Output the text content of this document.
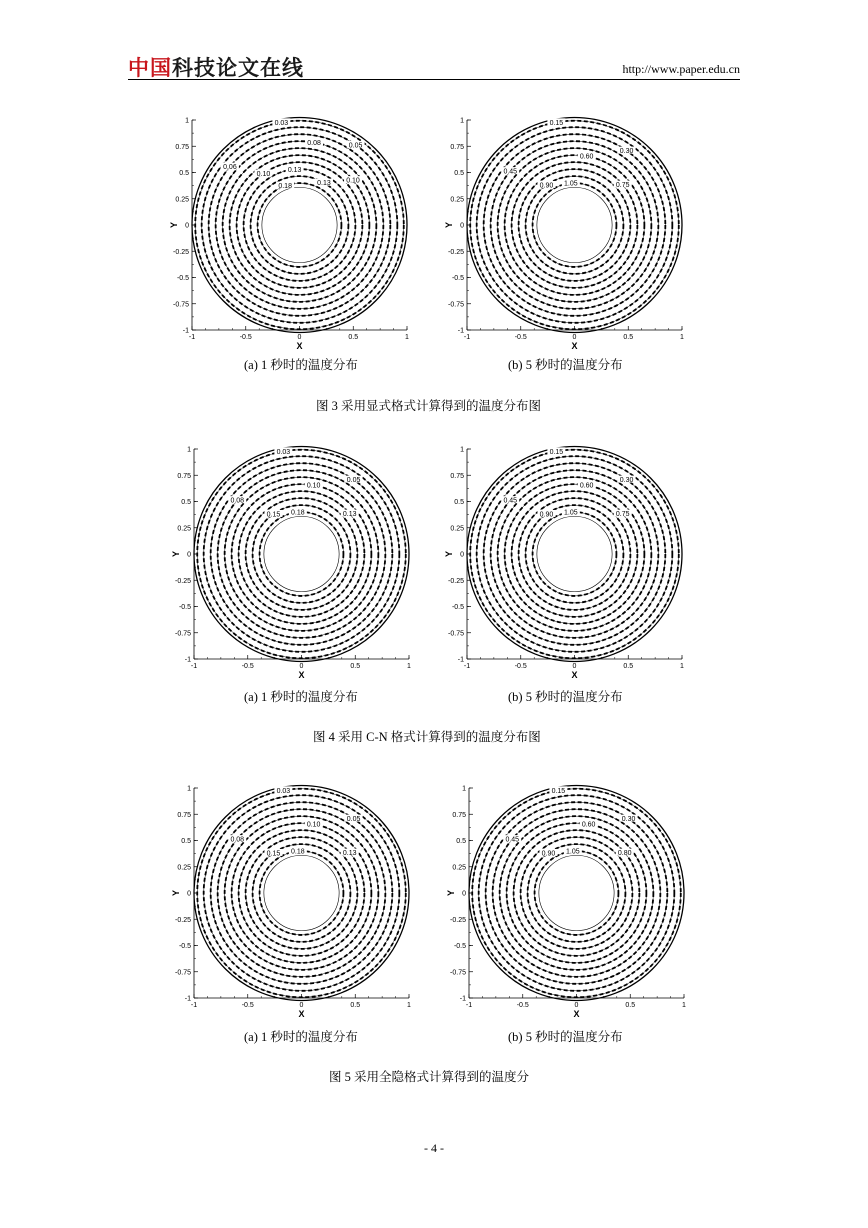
中国科技论文在线	http://www.paper.edu.cn
-1	-0.5	0	0.5	1
1
0.75
0.5
0.25
0
-0.25
-0.5
-0.75
-1
X
Y
0.03
0.05
0.06
0.08
0.10
0.10
0.13
0.13
0.18
-1	-0.5	0	0.5	1
1
0.75
0.5
0.25
0
-0.25
-0.5
-0.75
-1
X
Y
0.15
0.30
0.45
0.60
0.75
0.90 1.05
(a) 1 秒时的温度分布	(b) 5 秒时的温度分布
图 3 采用显式格式计算得到的温度分布图
-1	-0.5	0	0.5	1
1
0.75
0.5
0.25
0
-0.25
-0.5
-0.75
-1
X
Y
0.03
0.05
0.08
0.10
0.13
0.15 0.18
-1	-0.5	0	0.5	1
1
0.75
0.5
0.25
0
-0.25
-0.5
-0.75
-1
X
Y
0.15
0.30
0.45
0.60
0.75
0.90 1.05
(a) 1 秒时的温度分布	(b) 5 秒时的温度分布
图 4 采用 C-N 格式计算得到的温度分布图
-1	-0.5	0	0.5	1
1
0.75
0.5
0.25
0
-0.25
-0.5
-0.75
-1
X
Y
0.03
0.05
0.08
0.10
0.13
0.15 0.18
-1	-0.5	0	0.5	1
1
0.75
0.5
0.25
0
-0.25
-0.5
-0.75
-1
X
Y
0.15
0.30
0.45
0.60
0.80
0.90 1.05
(a) 1 秒时的温度分布	(b) 5 秒时的温度分布
图 5 采用全隐格式计算得到的温度分
- 4 -
